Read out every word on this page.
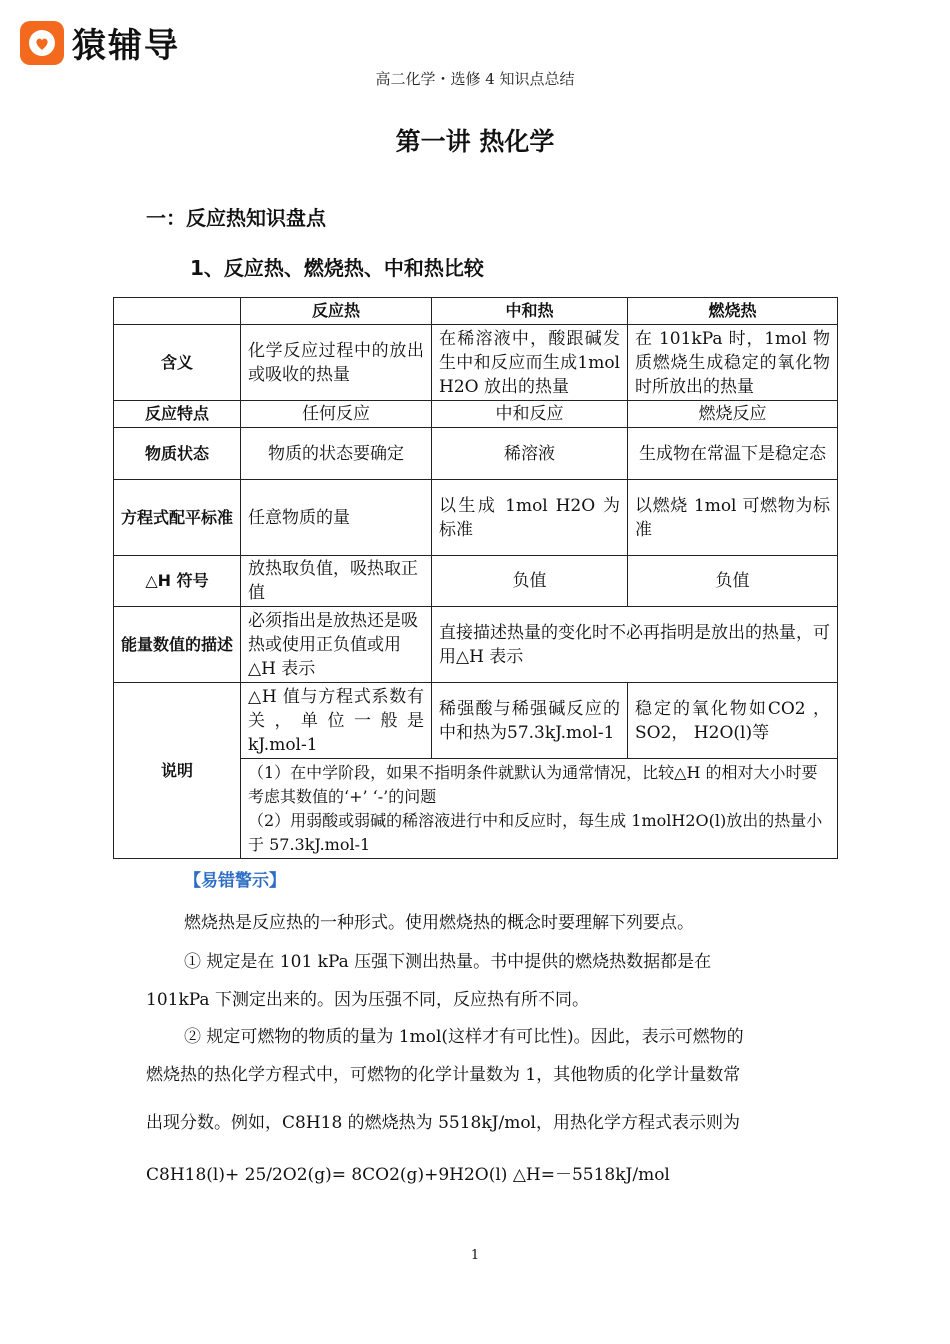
猿辅导
高二化学・选修 4 知识点总结
第一讲 热化学
一：反应热知识盘点
1、反应热、燃烧热、中和热比较
	反应热	中和热	燃烧热
含义	化学反应过程中的放出或吸收的热量	在稀溶液中，酸跟碱发生中和反应而生成1mol H2O 放出的热量	在 101kPa 时，1mol 物质燃烧生成稳定的氧化物时所放出的热量
反应特点	任何反应	中和反应	燃烧反应
物质状态	物质的状态要确定	稀溶液	生成物在常温下是稳定态
方程式配平标准	任意物质的量	以生成 1mol H2O 为标准	以燃烧 1mol 可燃物为标准
△H 符号	放热取负值，吸热取正值	负值	负值
能量数值的描述	必须指出是放热还是吸热或使用正负值或用△H 表示	直接描述热量的变化时不必再指明是放出的热量，可用△H 表示	
说明	△H 值与方程式系数有关，单位一般是kJ.mol-1	稀强酸与稀强碱反应的中和热为57.3kJ.mol-1	稳定的氧化物如CO2 ，SO2， H2O(l)等

	（1）在中学阶段，如果不指明条件就默认为通常情况，比较△H 的相对大小时要考虑其数值的‘+’ ‘-’的问题
（2）用弱酸或弱碱的稀溶液进行中和反应时，每生成 1molH2O(l)放出的热量小于 57.3kJ.mol-1		
【易错警示】
燃烧热是反应热的一种形式。使用燃烧热的概念时要理解下列要点。
① 规定是在 101 kPa 压强下测出热量。书中提供的燃烧热数据都是在
101kPa 下测定出来的。因为压强不同，反应热有所不同。
② 规定可燃物的物质的量为 1mol(这样才有可比性)。因此，表示可燃物的
燃烧热的热化学方程式中，可燃物的化学计量数为 1，其他物质的化学计量数常
出现分数。例如，C8H18 的燃烧热为 5518kJ/mol，用热化学方程式表示则为
C8H18(l)+ 25/2O2(g)= 8CO2(g)+9H2O(l) △H=－5518kJ/mol
1
